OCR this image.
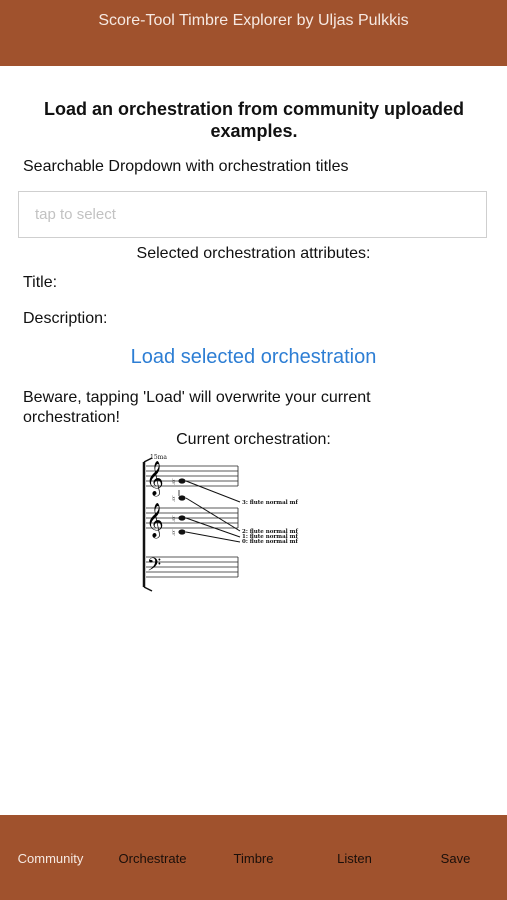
Score-Tool Timbre Explorer by Uljas Pulkkis
Load an orchestration from community uploaded examples.
Searchable Dropdown with orchestration titles
tap to select
Selected orchestration attributes:
Title:
Description:
Load selected orchestration
Beware, tapping 'Load' will overwrite your current orchestration!
Current orchestration:
15ma
𝄞
𝄞
𝄢
♮
♮
♮
♮
3: flute normal mf
2: flute normal mf
1: flute normal mf
0: flute normal mf
Community	Orchestrate	Timbre	Listen	Save
